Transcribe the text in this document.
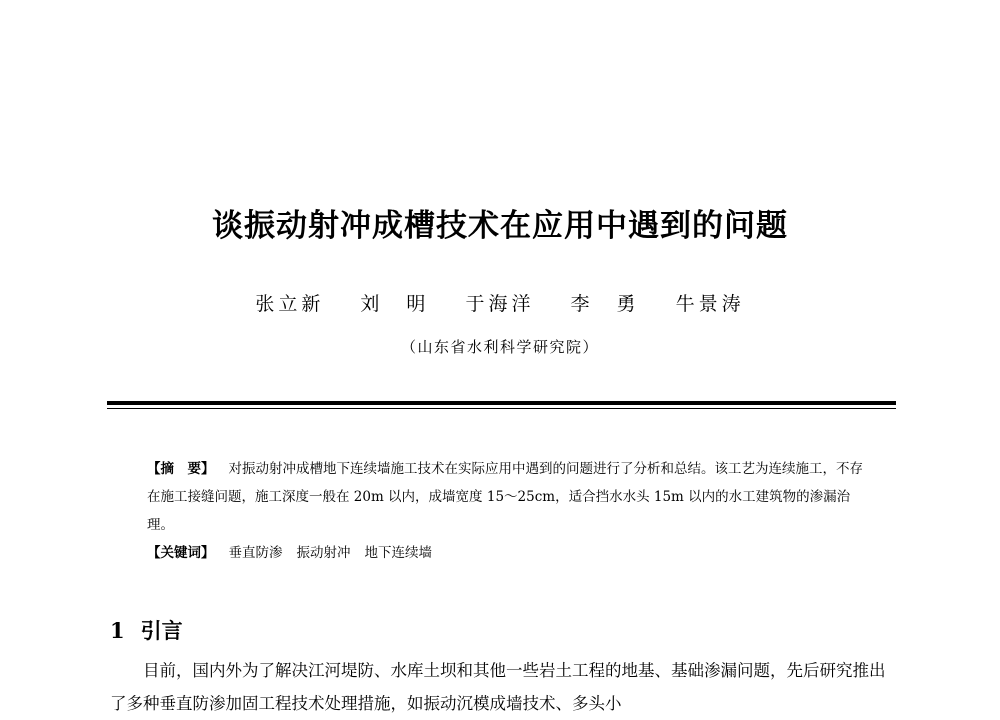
谈振动射冲成槽技术在应用中遇到的问题
张立新 刘　明 于海洋 李　勇 牛景涛
（山东省水利科学研究院）

【摘　要】 对振动射冲成槽地下连续墙施工技术在实际应用中遇到的问题进行了分析和总结。该工艺为连续施工，不存在施工接缝问题，施工深度一般在 20m 以内，成墙宽度 15～25cm，适合挡水水头 15m 以内的水工建筑物的渗漏治理。

【关键词】 垂直防渗 振动射冲 地下连续墙

1 引言

目前，国内外为了解决江河堤防、水库土坝和其他一些岩土工程的地基、基础渗漏问题，先后研究推出了多种垂直防渗加固工程技术处理措施，如振动沉模成墙技术、多头小
